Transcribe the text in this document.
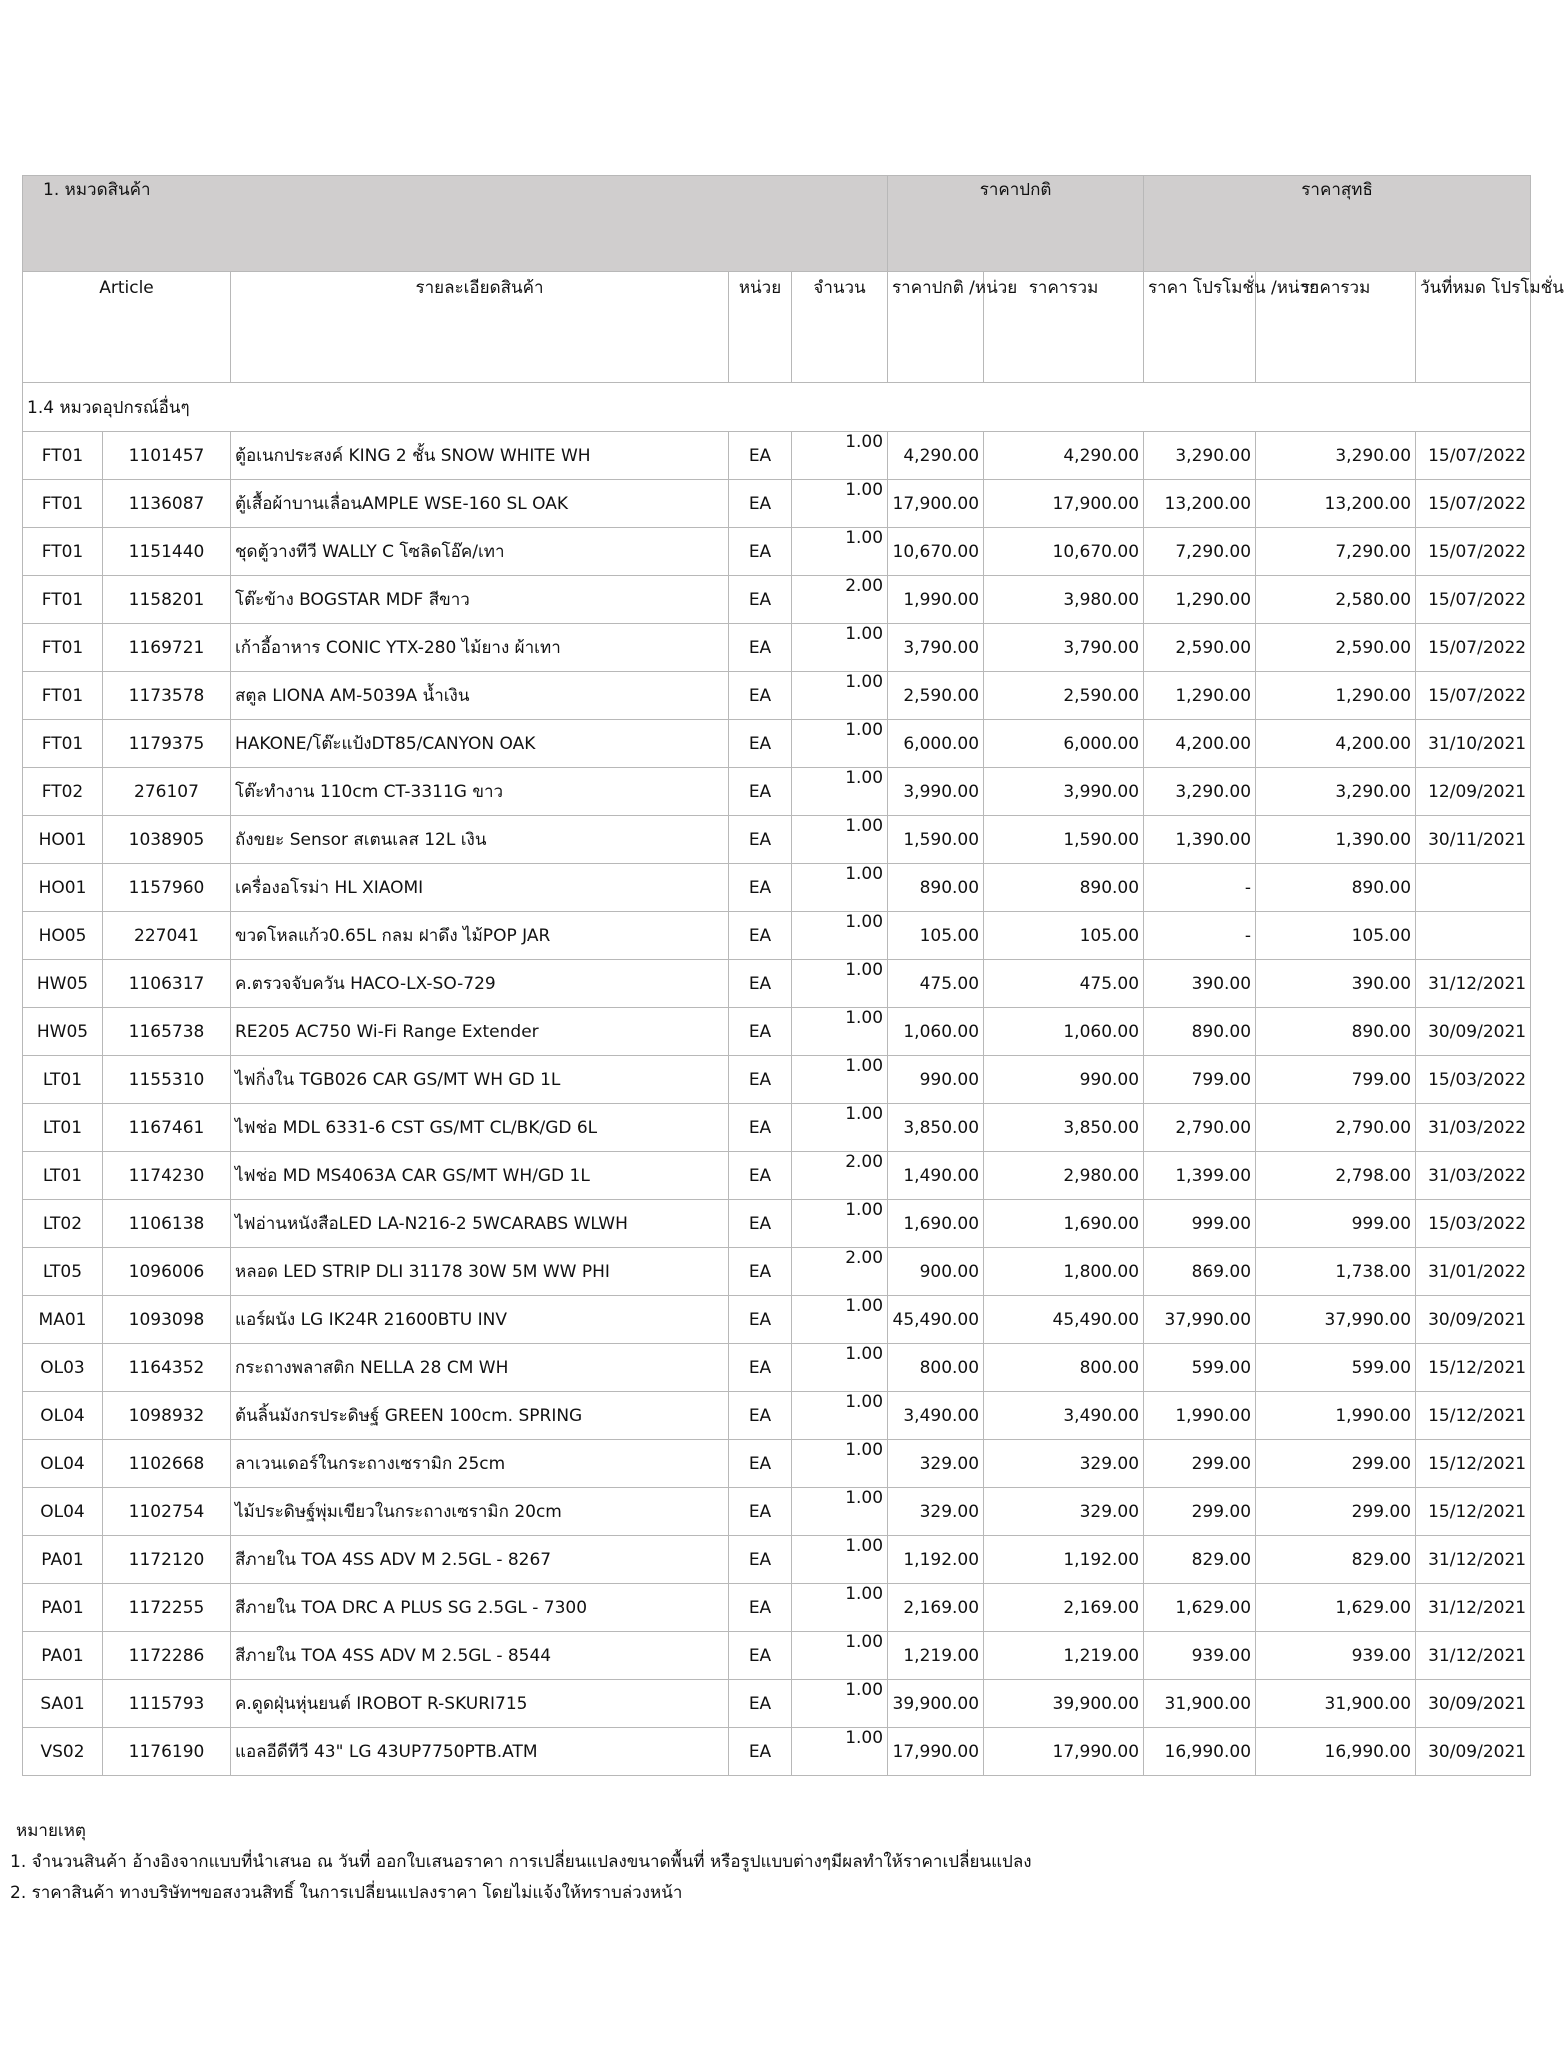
1. หมวดสินค้า					ราคาปกติ		ราคาสุทธิ		
Article		รายละเอียดสินค้า	หน่วย	จำนวน	ราคาปกติ /หน่วย	ราคารวม	ราคา โปรโมชั่น /หน่วย	ราคารวม	วันที่หมด โปรโมชั่น
1.4 หมวดอุปกรณ์อื่นๆ									
FT01	1101457	ตู้อเนกประสงค์ KING 2 ชั้น SNOW WHITE WH	EA	1.00	4,290.00	4,290.00	3,290.00	3,290.00	15/07/2022
FT01	1136087	ตู้เสื้อผ้าบานเลื่อนAMPLE WSE-160 SL OAK	EA	1.00	17,900.00	17,900.00	13,200.00	13,200.00	15/07/2022
FT01	1151440	ชุดตู้วางทีวี WALLY C โซลิดโอ๊ค/เทา	EA	1.00	10,670.00	10,670.00	7,290.00	7,290.00	15/07/2022
FT01	1158201	โต๊ะข้าง BOGSTAR MDF สีขาว	EA	2.00	1,990.00	3,980.00	1,290.00	2,580.00	15/07/2022
FT01	1169721	เก้าอี้อาหาร CONIC YTX-280 ไม้ยาง ผ้าเทา	EA	1.00	3,790.00	3,790.00	2,590.00	2,590.00	15/07/2022
FT01	1173578	สตูล LIONA AM-5039A น้ำเงิน	EA	1.00	2,590.00	2,590.00	1,290.00	1,290.00	15/07/2022
FT01	1179375	HAKONE/โต๊ะแป้งDT85/CANYON OAK	EA	1.00	6,000.00	6,000.00	4,200.00	4,200.00	31/10/2021
FT02	276107	โต๊ะทำงาน 110cm CT-3311G ขาว	EA	1.00	3,990.00	3,990.00	3,290.00	3,290.00	12/09/2021
HO01	1038905	ถังขยะ Sensor สเตนเลส 12L เงิน	EA	1.00	1,590.00	1,590.00	1,390.00	1,390.00	30/11/2021
HO01	1157960	เครื่องอโรม่า HL XIAOMI	EA	1.00	890.00	890.00	-	890.00	
HO05	227041	ขวดโหลแก้ว0.65L กลม ฝาดึง ไม้POP JAR	EA	1.00	105.00	105.00	-	105.00	
HW05	1106317	ค.ตรวจจับควัน HACO-LX-SO-729	EA	1.00	475.00	475.00	390.00	390.00	31/12/2021
HW05	1165738	RE205 AC750 Wi-Fi Range Extender	EA	1.00	1,060.00	1,060.00	890.00	890.00	30/09/2021
LT01	1155310	ไฟกิ่งใน TGB026 CAR GS/MT WH GD 1L	EA	1.00	990.00	990.00	799.00	799.00	15/03/2022
LT01	1167461	ไฟช่อ MDL 6331-6 CST GS/MT CL/BK/GD 6L	EA	1.00	3,850.00	3,850.00	2,790.00	2,790.00	31/03/2022
LT01	1174230	ไฟช่อ MD MS4063A CAR GS/MT WH/GD 1L	EA	2.00	1,490.00	2,980.00	1,399.00	2,798.00	31/03/2022
LT02	1106138	ไฟอ่านหนังสือLED LA-N216-2 5WCARABS WLWH	EA	1.00	1,690.00	1,690.00	999.00	999.00	15/03/2022
LT05	1096006	หลอด LED STRIP DLI 31178 30W 5M WW PHI	EA	2.00	900.00	1,800.00	869.00	1,738.00	31/01/2022
MA01	1093098	แอร์ผนัง LG IK24R 21600BTU INV	EA	1.00	45,490.00	45,490.00	37,990.00	37,990.00	30/09/2021
OL03	1164352	กระถางพลาสติก NELLA 28 CM WH	EA	1.00	800.00	800.00	599.00	599.00	15/12/2021
OL04	1098932	ต้นลิ้นมังกรประดิษฐ์ GREEN 100cm. SPRING	EA	1.00	3,490.00	3,490.00	1,990.00	1,990.00	15/12/2021
OL04	1102668	ลาเวนเดอร์ในกระถางเซรามิก 25cm	EA	1.00	329.00	329.00	299.00	299.00	15/12/2021
OL04	1102754	ไม้ประดิษฐ์พุ่มเขียวในกระถางเซรามิก 20cm	EA	1.00	329.00	329.00	299.00	299.00	15/12/2021
PA01	1172120	สีภายใน TOA 4SS ADV M 2.5GL - 8267	EA	1.00	1,192.00	1,192.00	829.00	829.00	31/12/2021
PA01	1172255	สีภายใน TOA DRC A PLUS SG 2.5GL - 7300	EA	1.00	2,169.00	2,169.00	1,629.00	1,629.00	31/12/2021
PA01	1172286	สีภายใน TOA 4SS ADV M 2.5GL - 8544	EA	1.00	1,219.00	1,219.00	939.00	939.00	31/12/2021
SA01	1115793	ค.ดูดฝุ่นหุ่นยนต์ IROBOT R-SKURI715	EA	1.00	39,900.00	39,900.00	31,900.00	31,900.00	30/09/2021
VS02	1176190	แอลอีดีทีวี 43" LG 43UP7750PTB.ATM	EA	1.00	17,990.00	17,990.00	16,990.00	16,990.00	30/09/2021
หมายเหตุ
1. จำนวนสินค้า อ้างอิงจากแบบที่นำเสนอ ณ วันที่ ออกใบเสนอราคา การเปลี่ยนแปลงขนาดพื้นที่ หรือรูปแบบต่างๆมีผลทำให้ราคาเปลี่ยนแปลง
2. ราคาสินค้า ทางบริษัทฯขอสงวนสิทธิ์ ในการเปลี่ยนแปลงราคา โดยไม่แจ้งให้ทราบล่วงหน้า
